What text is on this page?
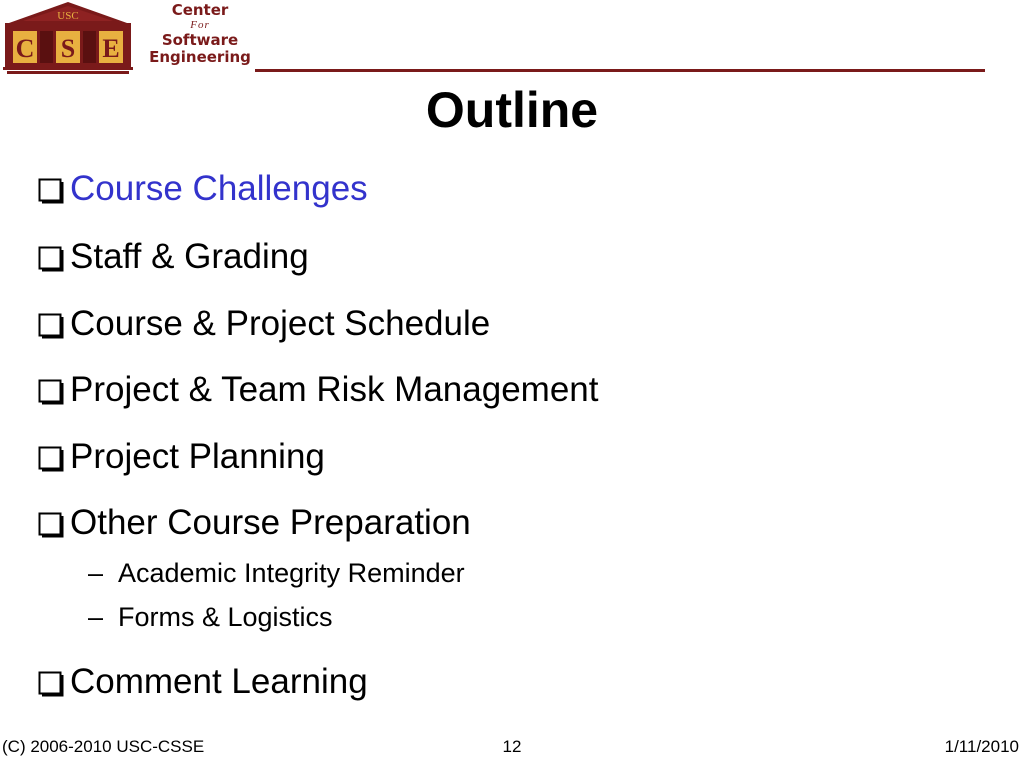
USC
C S E
Center
For
Software
Engineering
Outline
Course Challenges
Staff & Grading
Course & Project Schedule
Project & Team Risk Management
Project Planning
Other Course Preparation
– Academic Integrity Reminder
– Forms & Logistics
Comment Learning
(C) 2006-2010 USC-CSSE	12	1/11/2010
